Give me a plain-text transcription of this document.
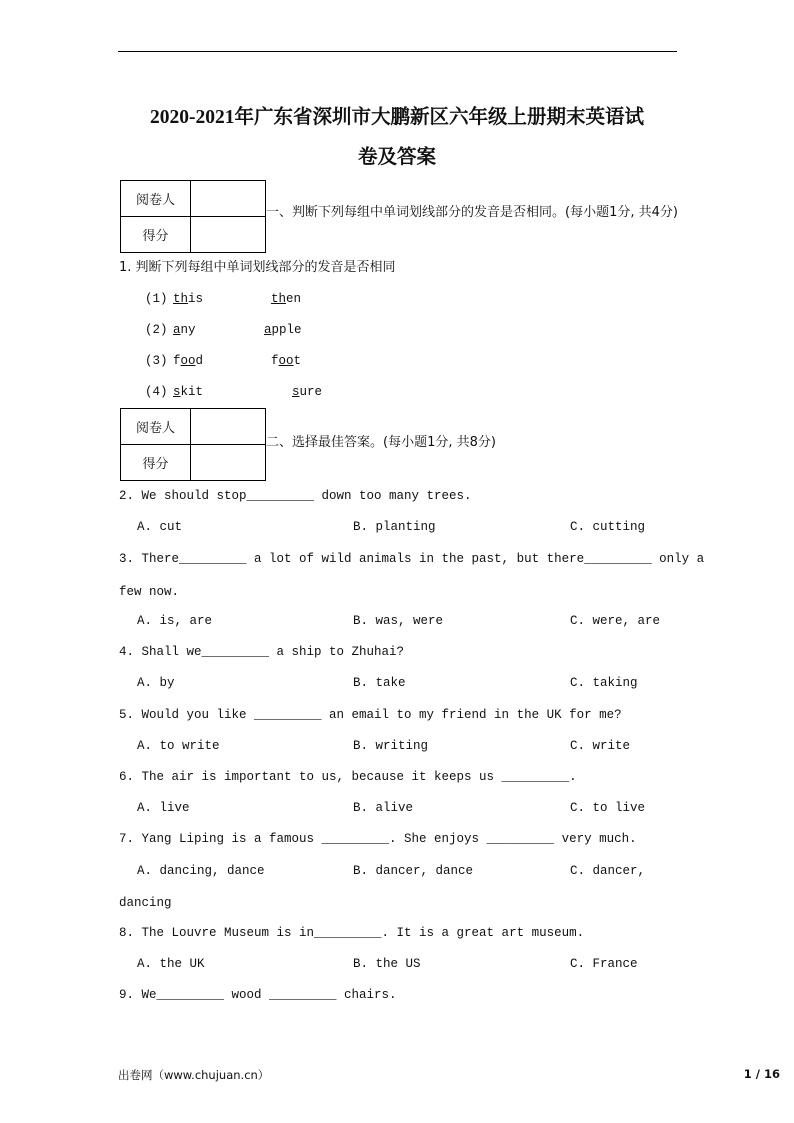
2020-2021年广东省深圳市大鹏新区六年级上册期末英语试
卷及答案
阅卷人	
得分	
一、判断下列每组中单词划线部分的发音是否相同。(每小题1分, 共4分)
1. 判断下列每组中单词划线部分的发音是否相同
(1) this	then
(2) any	apple
(3) food	foot
(4) skit	sure
阅卷人	
得分	
二、选择最佳答案。(每小题1分, 共8分)
2. We should stop_________ down too many trees.
A. cut	B. planting	C. cutting
3. There_________ a lot of wild animals in the past, but there_________ only a
few now.
A. is, are	B. was, were	C. were, are
4. Shall we_________ a ship to Zhuhai?
A. by	B. take	C. taking
5. Would you like _________ an email to my friend in the UK for me?
A. to write	B. writing	C. write
6. The air is important to us, because it keeps us _________.
A. live	B. alive	C. to live
7. Yang Liping is a famous _________. She enjoys _________ very much.
A. dancing, dance	B. dancer, dance	C. dancer,
dancing
8. The Louvre Museum is in_________. It is a great art museum.
A. the UK	B. the US	C. France
9. We_________ wood _________ chairs.
出卷网（www.chujuan.cn）	1 / 16
